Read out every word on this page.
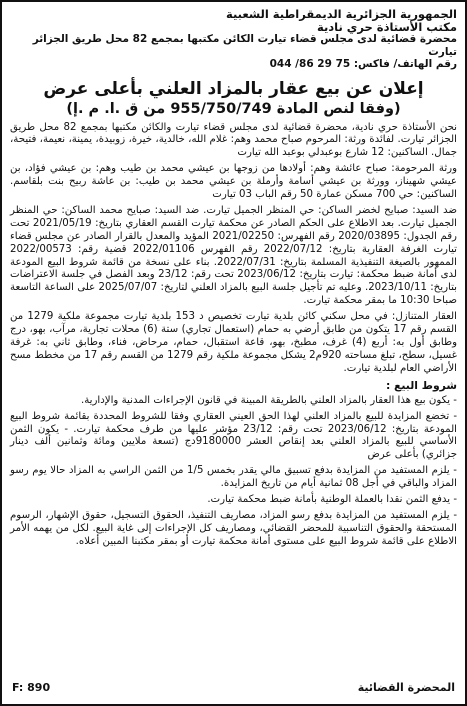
الجمهورية الجزائرية الديمقراطية الشعبية
مكتب الأستاذة حري نادية
محضرة قضائية لدى مجلس قضاء تيارت الكائن مكتبها بمجمع 82 محل طريق الجزائر تيارت
رقم الهاتف/ فاكس: 75 29 86/ 044
إعلان عن بيع عقار بالمزاد العلني بأعلى عرض
(وفقا لنص المادة 955/750/749 من ق .ا. م .إ)
نحن الأستاذة حري نادية، محضرة قضائية لدى مجلس قضاء تيارت والكائن مكتبها بمجمع 82 محل طريق الجزائر تيارت. لفائدة ورثة: المرحوم صباح محمد وهم: غلام الله، خالدية، خيرة، زوبيدة، يمينة، نعيمة، فتيحة، جمال. الساكنين: 12 شارع بوعبدلي بوعبد الله تيارت
ورثة المرحومة: صباح عائشة وهم: أولادها من زوجها بن عيشي محمد بن طيب وهم: بن عيشي فؤاد، بن عيشي شهيناز، وورثة بن عيشي أسامة وأرملة بن عيشي محمد بن طيب: بن عاشة ربيح بنت بلقاسم. الساكنين: حي 700 مسكن عمارة 50 رقم الباب 03 تيارت
ضد السيد: صبايح لخضر الساكن: حي المنظر الجميل تيارت. ضد السيد: صبايح محمد الساكن: حي المنظر الجميل تيارت. بعد الاطلاع على الحكم الصادر عن محكمة تيارت القسم العقاري بتاريخ: 2021/05/19 تحت رقم الجدول: 2020/03895 رقم الفهرس: 2021/02250 المؤيد والمعدل بالقرار الصادر عن مجلس قضاء تيارت الغرفة العقارية بتاريخ: 2022/07/12 رقم الفهرس 2022/01106 قضية رقم: 2022/00573 الممهور بالصيغة التنفيذية المسلمة بتاريخ: 2022/07/31. بناء على نسخة من قائمة شروط البيع المودعة لدى أمانة ضبط محكمة: تيارت بتاريخ: 2023/06/12 تحت رقم: 23/12 وبعد الفصل في جلسة الاعتراضات بتاريخ: 2023/10/11. وعليه تم تأجيل جلسة البيع بالمزاد العلني لتاريخ: 2025/07/07 على الساعة التاسعة صباحا 10:30 ما بمقر محكمة تيارت.
العقار المتنازل: في محل سكني كائن بلدية تيارت تخصيص د 153 بلدية تيارت مجموعة ملكية 1279 من القسم رقم 17 يتكون من طابق أرضي به حمام (استعمال تجاري) ستة (6) محلات تجارية، مرآب، بهو، درج وطابق أول به: أربع (4) غرف، مطبخ، بهو، قاعة استقبال، حمام، مرحاض، فناء، وطابق ثاني به: غرفة غسيل، سطح، تبلغ مساحته 920م2 يشكل مجموعة ملكية رقم 1279 من القسم رقم 17 من مخطط مسح الأراضي العام لبلدية تيارت.
شروط البيع :
- يكون بيع هذا العقار بالمزاد العلني بالطريقة المبينة في قانون الإجراءات المدنية والإدارية.
- تخضع المزايدة للبيع بالمزاد العلني لهذا الحق العيني العقاري وفقا للشروط المحددة بقائمة شروط البيع المودعة بتاريخ: 2023/06/12 تحت رقم: 23/12 مؤشر عليها من طرف محكمة تيارت. - يكون الثمن الأساسي للبيع بالمزاد العلني بعد إنقاص العشر 9180000دج (تسعة ملايين ومائة وثمانين ألف دينار جزائري) بأعلى عرض
- يلزم المستفيد من المزايدة بدفع تسبيق مالي يقدر بخمس 1/5 من الثمن الراسي به المزاد حالا يوم رسو المزاد والباقي في أجل 08 ثمانية أيام من تاريخ المزايدة.
- يدفع الثمن نقدا بالعملة الوطنية بأمانة ضبط محكمة تيارت.
- يلزم المستفيد من المزايدة بدفع رسو المزاد، مصاريف التنفيذ، الحقوق التسجيل، حقوق الإشهار، الرسوم المستحقة والحقوق التناسبية للمحضر القضائي، ومصاريف كل الإجراءات إلى غاية البيع. لكل من يهمه الأمر الاطلاع على قائمة شروط البيع على مستوى أمانة محكمة تيارت أو بمقر مكتبنا المبين أعلاه.
المحضرة القضائية
F: 890
